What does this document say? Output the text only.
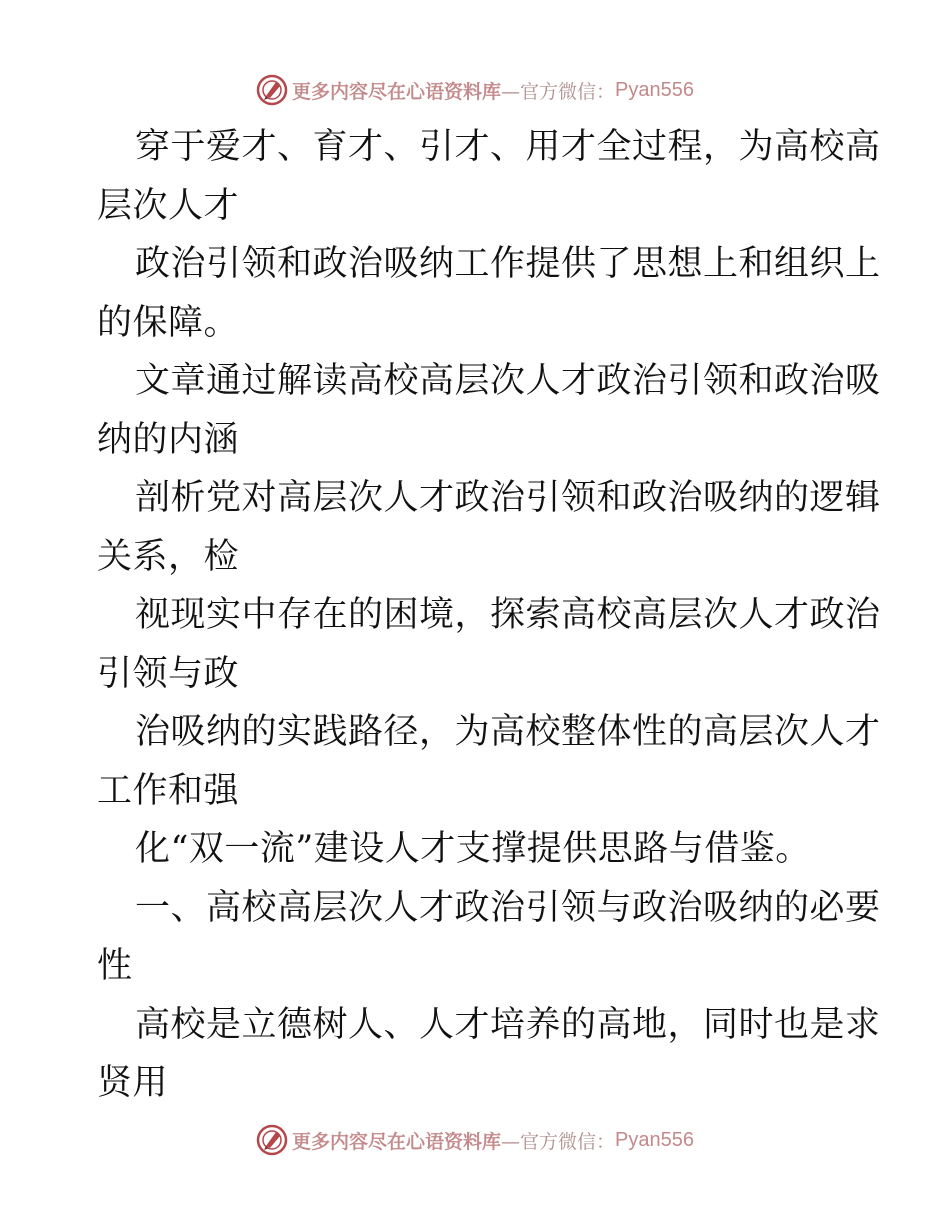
更多内容尽在心语资料库 —官方微信： Pyan556
穿于爱才、育才、引才、用才全过程，为高校高
层次人才
政治引领和政治吸纳工作提供了思想上和组织上
的保障。
文章通过解读高校高层次人才政治引领和政治吸
纳的内涵
剖析党对高层次人才政治引领和政治吸纳的逻辑
关系，检
视现实中存在的困境，探索高校高层次人才政治
引领与政
治吸纳的实践路径，为高校整体性的高层次人才
工作和强
化“双一流”建设人才支撑提供思路与借鉴。
一、高校高层次人才政治引领与政治吸纳的必要
性
高校是立德树人、人才培养的高地，同时也是求
贤用
更多内容尽在心语资料库 —官方微信： Pyan556
